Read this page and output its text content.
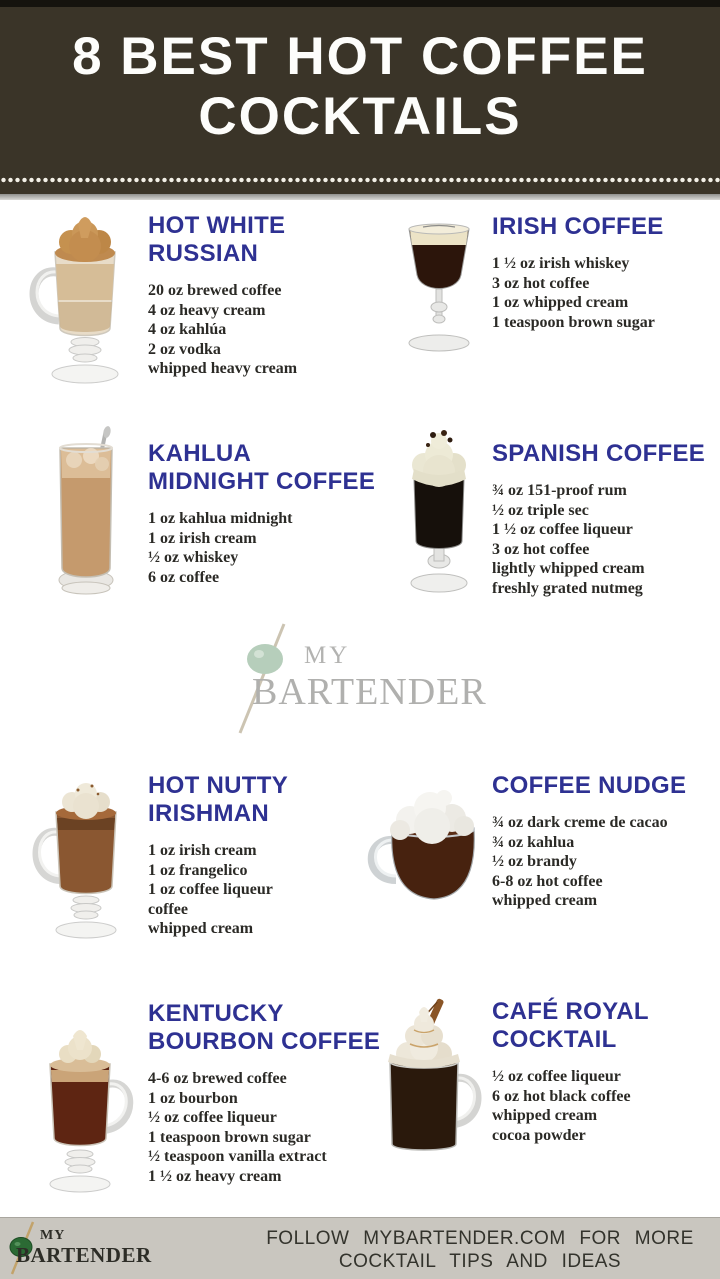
8 BEST HOT COFFEE
COCKTAILS
HOT WHITE
RUSSIAN
20 oz brewed coffee
4 oz heavy cream
4 oz kahlúa
2 oz vodka
whipped heavy cream
IRISH COFFEE
1 ½ oz irish whiskey
3 oz hot coffee
1 oz whipped cream
1 teaspoon brown sugar
KAHLUA
MIDNIGHT COFFEE
1 oz kahlua midnight
1 oz irish cream
½ oz whiskey
6 oz coffee
SPANISH COFFEE
¾ oz 151-proof rum
½ oz triple sec
1 ½ oz coffee liqueur
3 oz hot coffee
lightly whipped cream
freshly grated nutmeg
MY
BARTENDER
HOT NUTTY
IRISHMAN
1 oz irish cream
1 oz frangelico
1 oz coffee liqueur
coffee
whipped cream
COFFEE NUDGE
¾ oz dark creme de cacao
¾ oz kahlua
½ oz brandy
6-8 oz hot coffee
whipped cream
KENTUCKY
BOURBON COFFEE
4-6 oz brewed coffee
1 oz bourbon
½ oz coffee liqueur
1 teaspoon brown sugar
½ teaspoon vanilla extract
1 ½ oz heavy cream
CAFÉ ROYAL
COCKTAIL
½ oz coffee liqueur
6 oz hot black coffee
whipped cream
cocoa powder
MY
BARTENDER
FOLLOW MYBARTENDER.COM FOR MORE
COCKTAIL TIPS AND IDEAS
